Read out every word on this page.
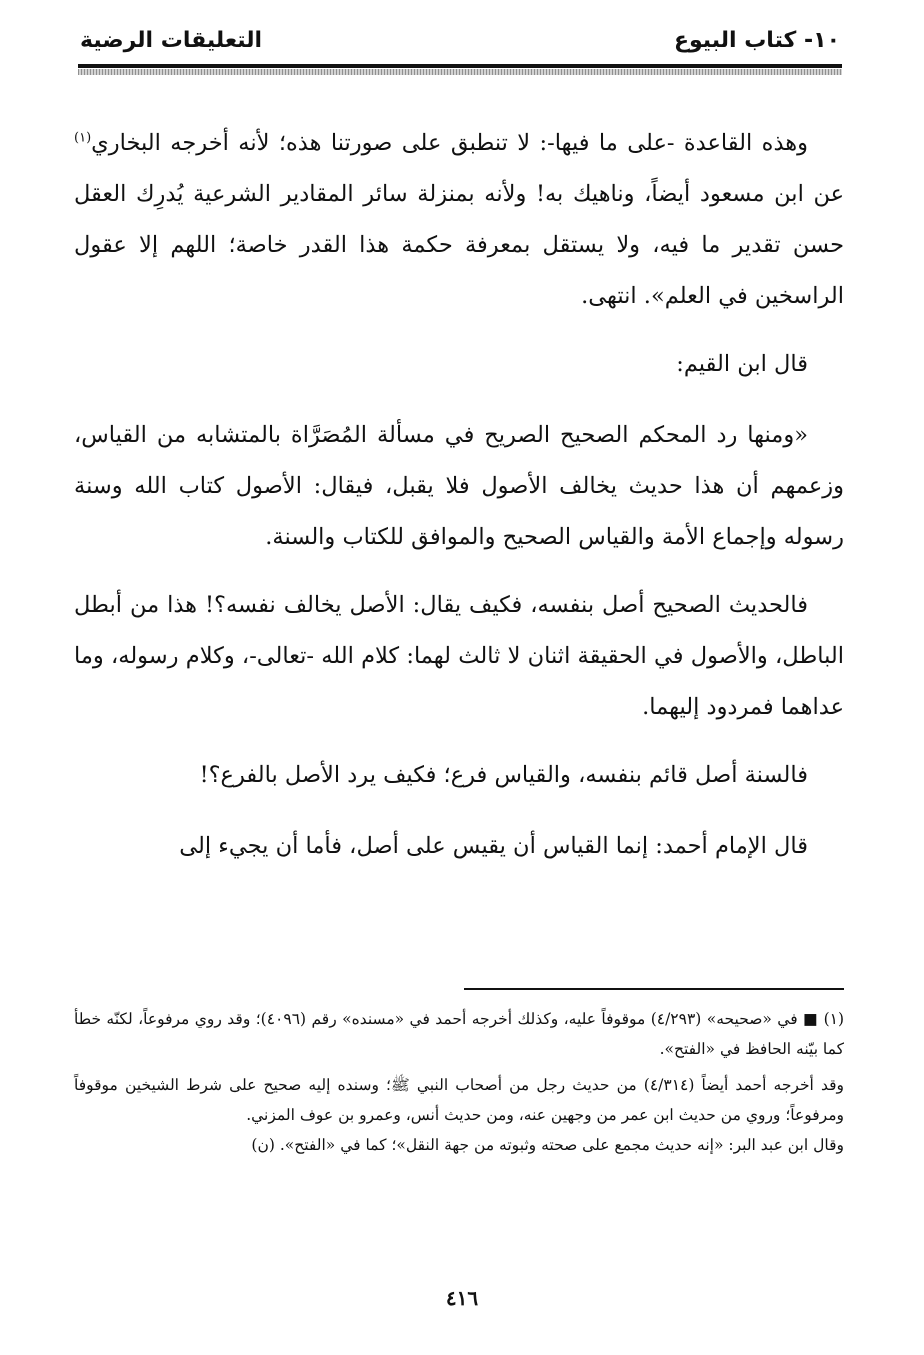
١٠- كتاب البيوع
التعليقات الرضية

وهذه القاعدة -على ما فيها-: لا تنطبق على صورتنا هذه؛ لأنه أخرجه البخاري$^{(١)}$ عن ابن مسعود أيضاً، وناهيك به! ولأنه بمنزلة سائر المقادير الشرعية يُدرِك العقل حسن تقدير ما فيه، ولا يستقل بمعرفة حكمة هذا القدر خاصة؛ اللهم إلا عقول الراسخين في العلم». انتهى.

قال ابن القيم:

«ومنها رد المحكم الصحيح الصريح في مسألة المُصَرَّاة بالمتشابه من القياس، وزعمهم أن هذا حديث يخالف الأصول فلا يقبل، فيقال: الأصول كتاب الله وسنة رسوله وإجماع الأمة والقياس الصحيح والموافق للكتاب والسنة.

فالحديث الصحيح أصل بنفسه، فكيف يقال: الأصل يخالف نفسه؟! هذا من أبطل الباطل، والأصول في الحقيقة اثنان لا ثالث لهما: كلام الله -تعالى-، وكلام رسوله، وما عداهما فمردود إليهما.

فالسنة أصل قائم بنفسه، والقياس فرع؛ فكيف يرد الأصل بالفرع؟!

قال الإمام أحمد: إنما القياس أن يقيس على أصل، فأما أن يجيء إلى

(١) ■ في «صحيحه» (٤/٢٩٣) موقوفاً عليه، وكذلك أخرجه أحمد في «مسنده» رقم (٤٠٩٦)؛ وقد روي مرفوعاً، لكنّه خطأ كما بيّنه الحافظ في «الفتح».

وقد أخرجه أحمد أيضاً (٤/٣١٤) من حديث رجل من أصحاب النبي ﷺ؛ وسنده إليه صحيح على شرط الشيخين موقوفاً ومرفوعاً؛ وروي من حديث ابن عمر من وجهين عنه، ومن حديث أنس، وعمرو بن عوف المزني.

وقال ابن عبد البر: «إنه حديث مجمع على صحته وثبوته من جهة النقل»؛ كما في «الفتح». (ن)

٤١٦
